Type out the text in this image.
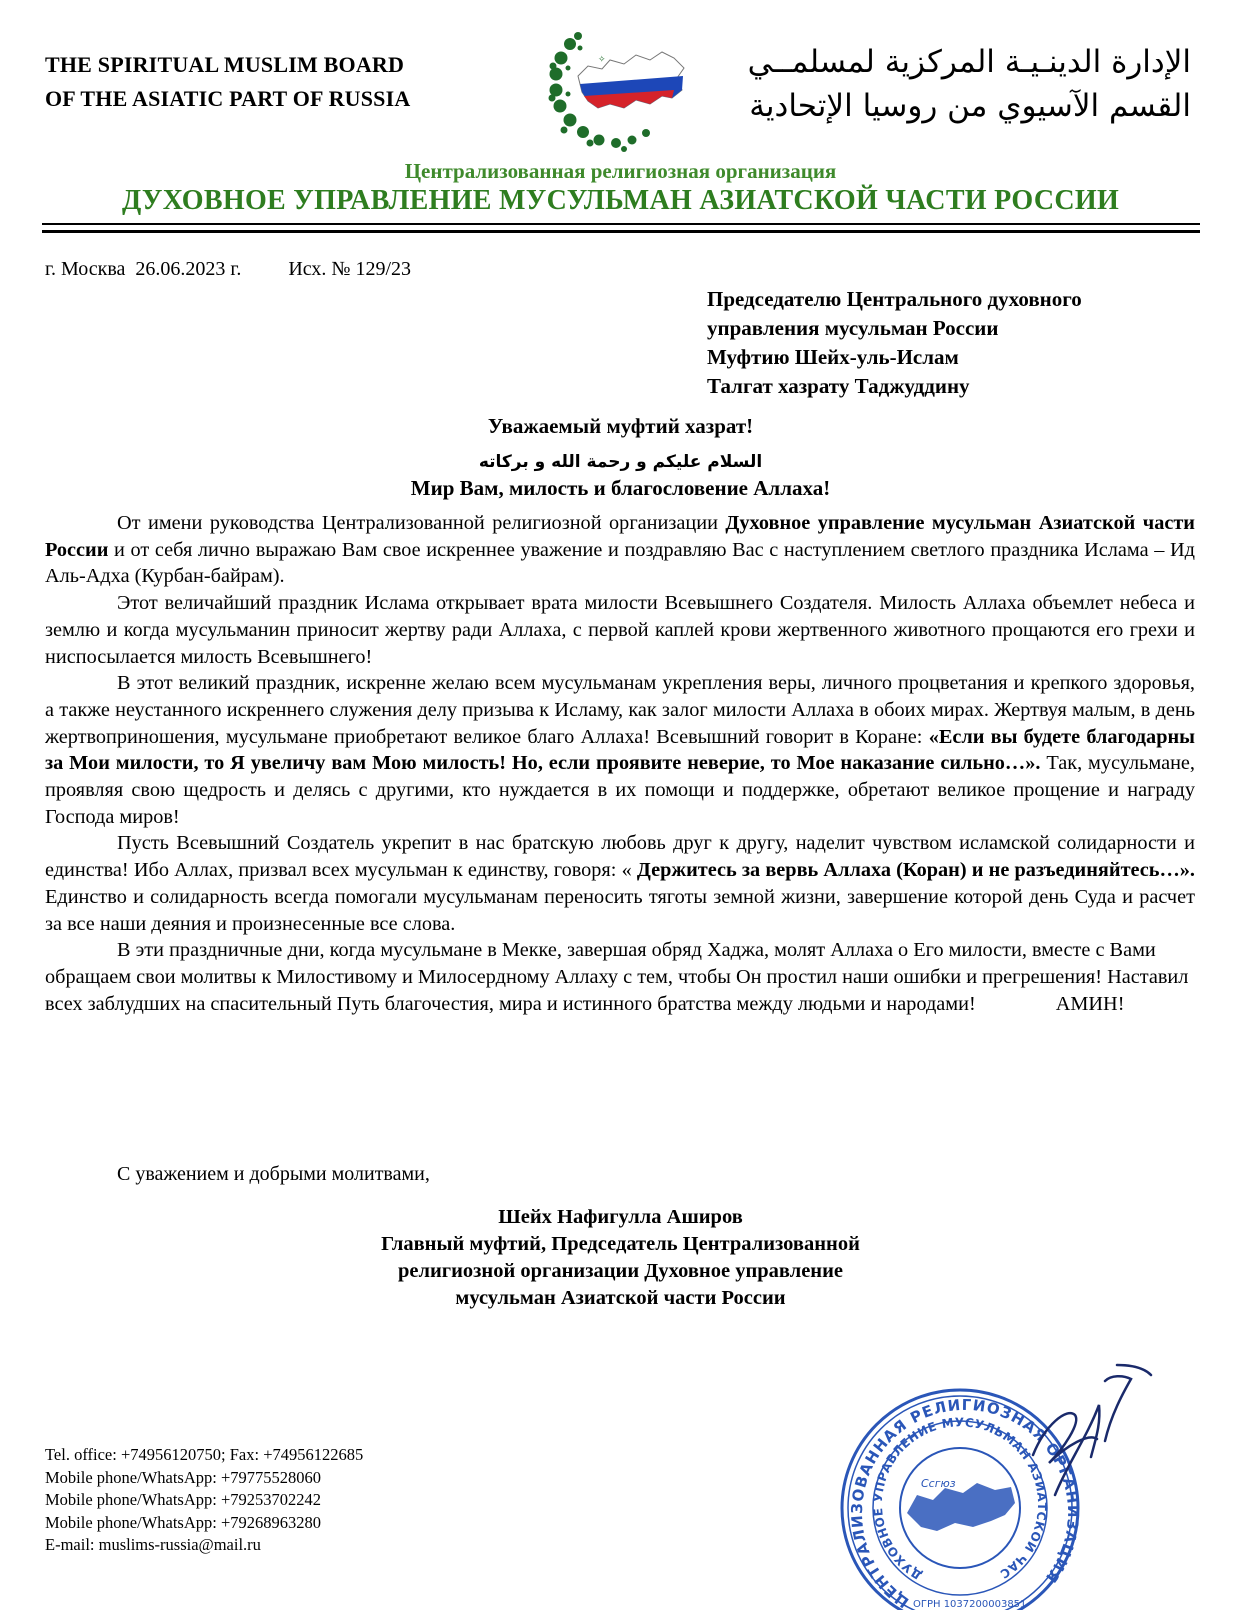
THE SPIRITUAL MUSLIM BOARD
OF THE ASIATIC PART OF RUSSIA
✧	الإدارة الدينـيـة المركزية لمسلمــي
القسم الآسيوي من روسيا الإتحادية
Централизованная религиозная организация
ДУХОВНОЕ УПРАВЛЕНИЕ МУСУЛЬМАН АЗИАТСКОЙ ЧАСТИ РОССИИ
г. Москва  26.06.2023 г. Исх. № 129/23
Председателю Центрального духовного
управления мусульман России
Муфтию Шейх-уль-Ислам
Талгат хазрату Таджуддину
Уважаемый муфтий хазрат!
السلام عليكم و رحمة الله و بركاته
Мир Вам, милость и благословение Аллаха!

От имени руководства Централизованной религиозной организации Духовное управление мусульман Азиатской части России и от себя лично выражаю Вам свое искреннее уважение и поздравляю Вас с наступлением светлого праздника Ислама – Ид Аль-Адха (Курбан-байрам).

Этот величайший праздник Ислама открывает врата милости Всевышнего Создателя. Милость Аллаха объемлет небеса и землю и когда мусульманин приносит жертву ради Аллаха, с первой каплей крови жертвенного животного прощаются его грехи и ниспосылается милость Всевышнего!

В этот великий праздник, искренне желаю всем мусульманам укрепления веры, личного процветания и крепкого здоровья, а также неустанного искреннего служения делу призыва к Исламу, как залог милости Аллаха в обоих мирах. Жертвуя малым, в день жертвоприношения, мусульмане приобретают великое благо Аллаха! Всевышний говорит в Коране: «Если вы будете благодарны за Мои милости, то Я увеличу вам Мою милость! Но, если проявите неверие, то Мое наказание сильно…». Так, мусульмане, проявляя свою щедрость и делясь с другими, кто нуждается в их помощи и поддержке, обретают великое прощение и награду Господа миров!

Пусть Всевышний Создатель укрепит в нас братскую любовь друг к другу, наделит чувством исламской солидарности и единства! Ибо Аллах, призвал всех мусульман к единству, говоря: « Держитесь за вервь Аллаха (Коран) и не разъединяйтесь…». Единство и солидарность всегда помогали мусульманам переносить тяготы земной жизни, завершение которой день Суда и расчет за все наши деяния и произнесенные все слова.

В эти праздничные дни, когда мусульмане в Мекке, завершая обряд Хаджа, молят Аллаха о Его милости, вместе с Вами обращаем свои молитвы к Милостивому и Милосердному Аллаху с тем, чтобы Он простил наши ошибки и прегрешения! Наставил всех заблудших на спасительный Путь благочестия, мира и истинного братства между людьми и народами!	АМИН!

С уважением и добрыми молитвами,
Шейх Нафигулла Аширов
Главный муфтий, Председатель Централизованной
религиозной организации Духовное управление
мусульман Азиатской части России
Tel. office: +74956120750; Fax: +74956122685
Mobile phone/WhatsApp: +79775528060
Mobile phone/WhatsApp: +79253702242
Mobile phone/WhatsApp: +79268963280
E-mail: muslims-russia@mail.ru
Ссгюз
ЦЕНТРАЛИЗОВАННАЯ РЕЛИГИОЗНАЯ ОРГАНИЗАЦИЯ
ДУХОВНОЕ УПРАВЛЕНИЕ МУСУЛЬМАН АЗИАТСКОЙ ЧАС
ОГРН 1037200003851
